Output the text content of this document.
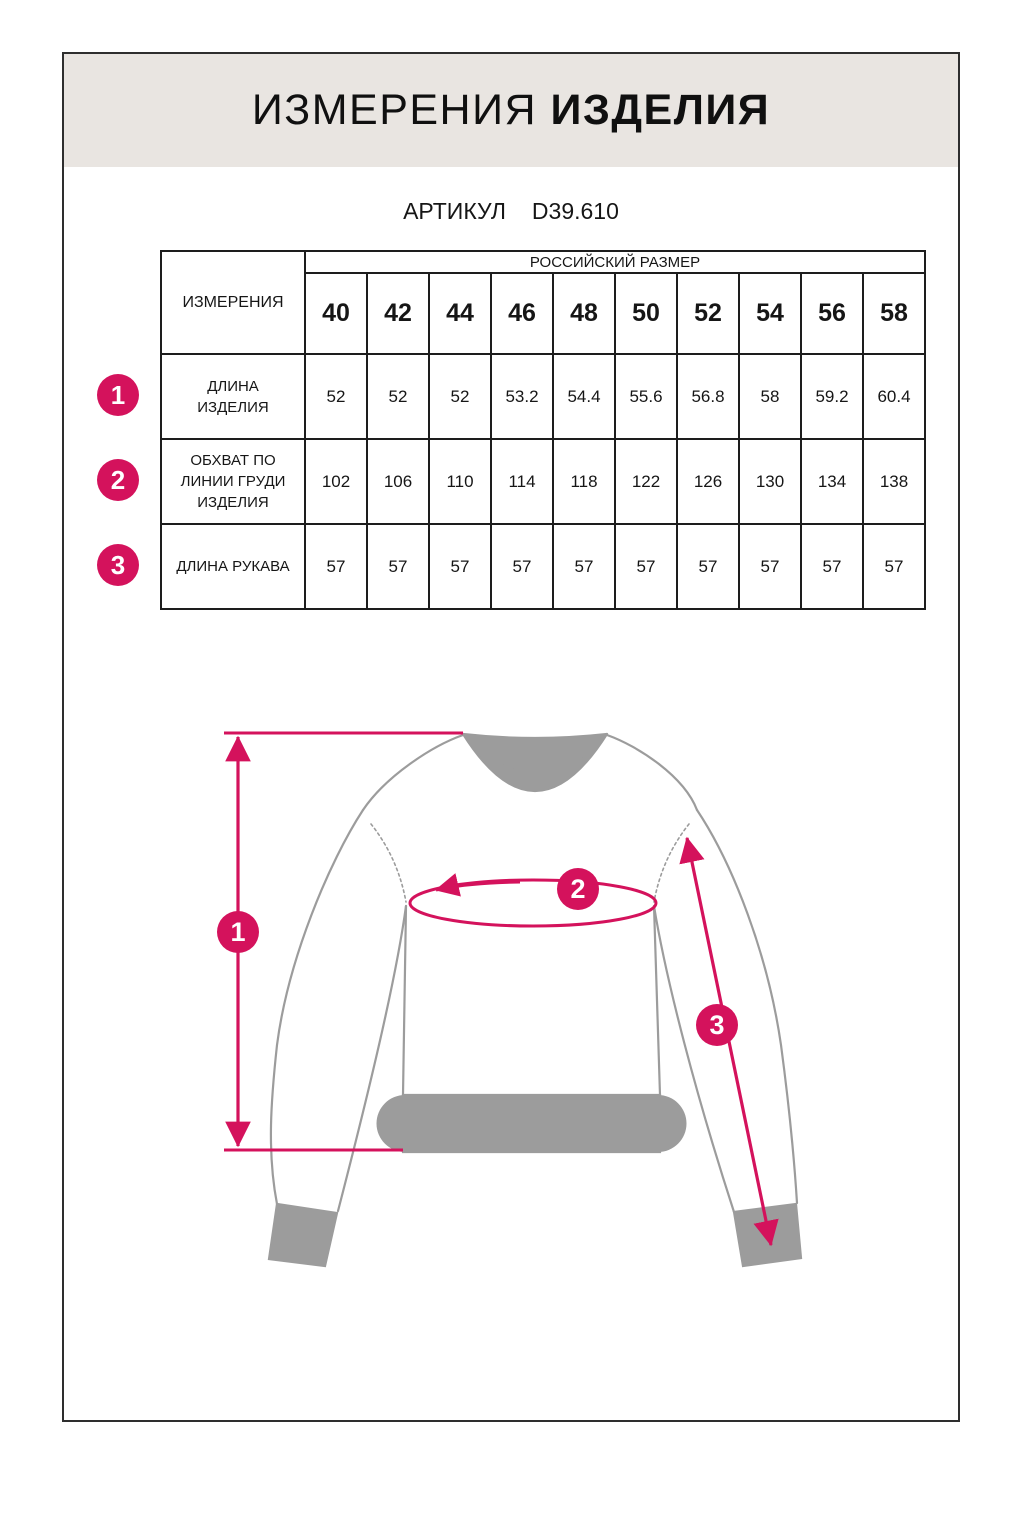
ИЗМЕРЕНИЯ ИЗДЕЛИЯ
АРТИКУЛ D39.610
ИЗМЕРЕНИЯ	РОССИЙСКИЙ РАЗМЕР									
	40	42	44	46	48	50	52	54	56	58
ДЛИНА ИЗДЕЛИЯ	52	52	52	53.2	54.4	55.6	56.8	58	59.2	60.4
ОБХВАТ ПО ЛИНИИ ГРУДИ ИЗДЕЛИЯ	102	106	110	114	118	122	126	130	134	138
ДЛИНА РУКАВА	57	57	57	57	57	57	57	57	57	57
1
2
3
1
2
3
